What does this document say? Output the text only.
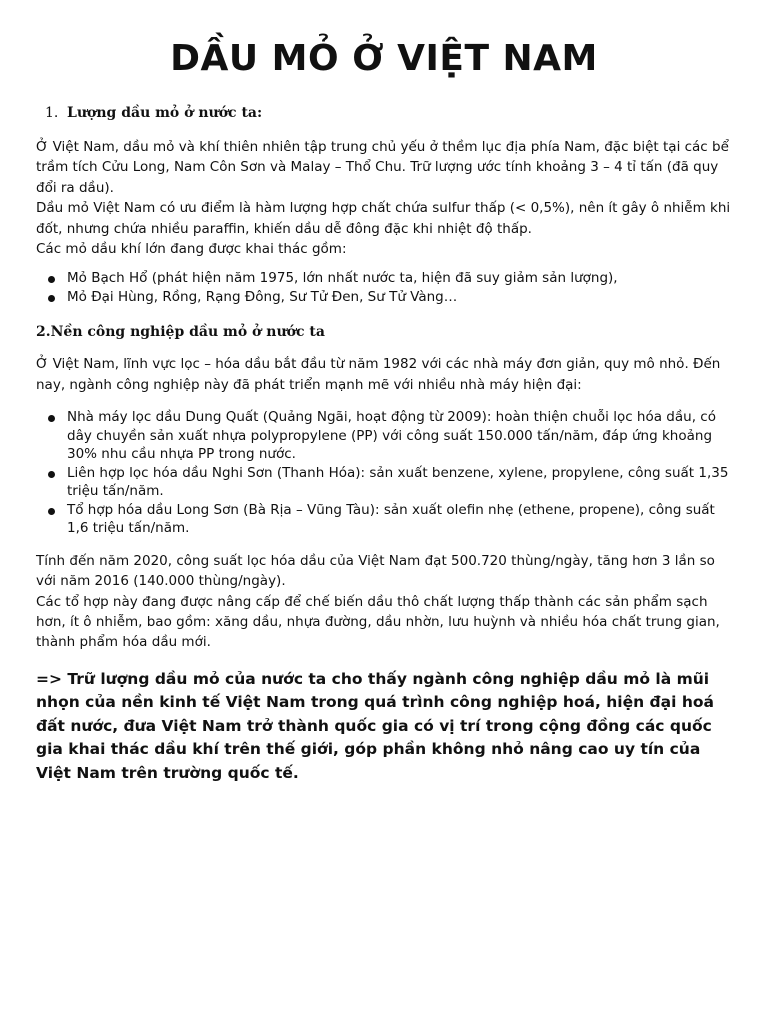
DẦU MỎ Ở VIỆT NAM
1. Lượng dầu mỏ ở nước ta:

Ở Việt Nam, dầu mỏ và khí thiên nhiên tập trung chủ yếu ở thềm lục địa phía Nam, đặc biệt tại các bể trầm tích Cửu Long, Nam Côn Sơn và Malay – Thổ Chu. Trữ lượng ước tính khoảng 3 – 4 tỉ tấn (đã quy đổi ra dầu).

Dầu mỏ Việt Nam có ưu điểm là hàm lượng hợp chất chứa sulfur thấp (< 0,5%), nên ít gây ô nhiễm khi đốt, nhưng chứa nhiều paraffin, khiến dầu dễ đông đặc khi nhiệt độ thấp.

Các mỏ dầu khí lớn đang được khai thác gồm:

Mỏ Bạch Hổ (phát hiện năm 1975, lớn nhất nước ta, hiện đã suy giảm sản lượng),
Mỏ Đại Hùng, Rồng, Rạng Đông, Sư Tử Đen, Sư Tử Vàng…
2.Nền công nghiệp dầu mỏ ở nước ta

Ở Việt Nam, lĩnh vực lọc – hóa dầu bắt đầu từ năm 1982 với các nhà máy đơn giản, quy mô nhỏ. Đến nay, ngành công nghiệp này đã phát triển mạnh mẽ với nhiều nhà máy hiện đại:

Nhà máy lọc dầu Dung Quất (Quảng Ngãi, hoạt động từ 2009): hoàn thiện chuỗi lọc hóa dầu, có dây chuyền sản xuất nhựa polypropylene (PP) với công suất 150.000 tấn/năm, đáp ứng khoảng 30% nhu cầu nhựa PP trong nước.
Liên hợp lọc hóa dầu Nghi Sơn (Thanh Hóa): sản xuất benzene, xylene, propylene, công suất 1,35 triệu tấn/năm.
Tổ hợp hóa dầu Long Sơn (Bà Rịa – Vũng Tàu): sản xuất olefin nhẹ (ethene, propene), công suất 1,6 triệu tấn/năm.

Tính đến năm 2020, công suất lọc hóa dầu của Việt Nam đạt 500.720 thùng/ngày, tăng hơn 3 lần so với năm 2016 (140.000 thùng/ngày).

Các tổ hợp này đang được nâng cấp để chế biến dầu thô chất lượng thấp thành các sản phẩm sạch hơn, ít ô nhiễm, bao gồm: xăng dầu, nhựa đường, dầu nhờn, lưu huỳnh và nhiều hóa chất trung gian, thành phẩm hóa dầu mới.

=> Trữ lượng dầu mỏ của nước ta cho thấy ngành công nghiệp dầu mỏ là mũi nhọn của nền kinh tế Việt Nam trong quá trình công nghiệp hoá, hiện đại hoá đất nước, đưa Việt Nam trở thành quốc gia có vị trí trong cộng đồng các quốc gia khai thác dầu khí trên thế giới, góp phần không nhỏ nâng cao uy tín của Việt Nam trên trường quốc tế.
